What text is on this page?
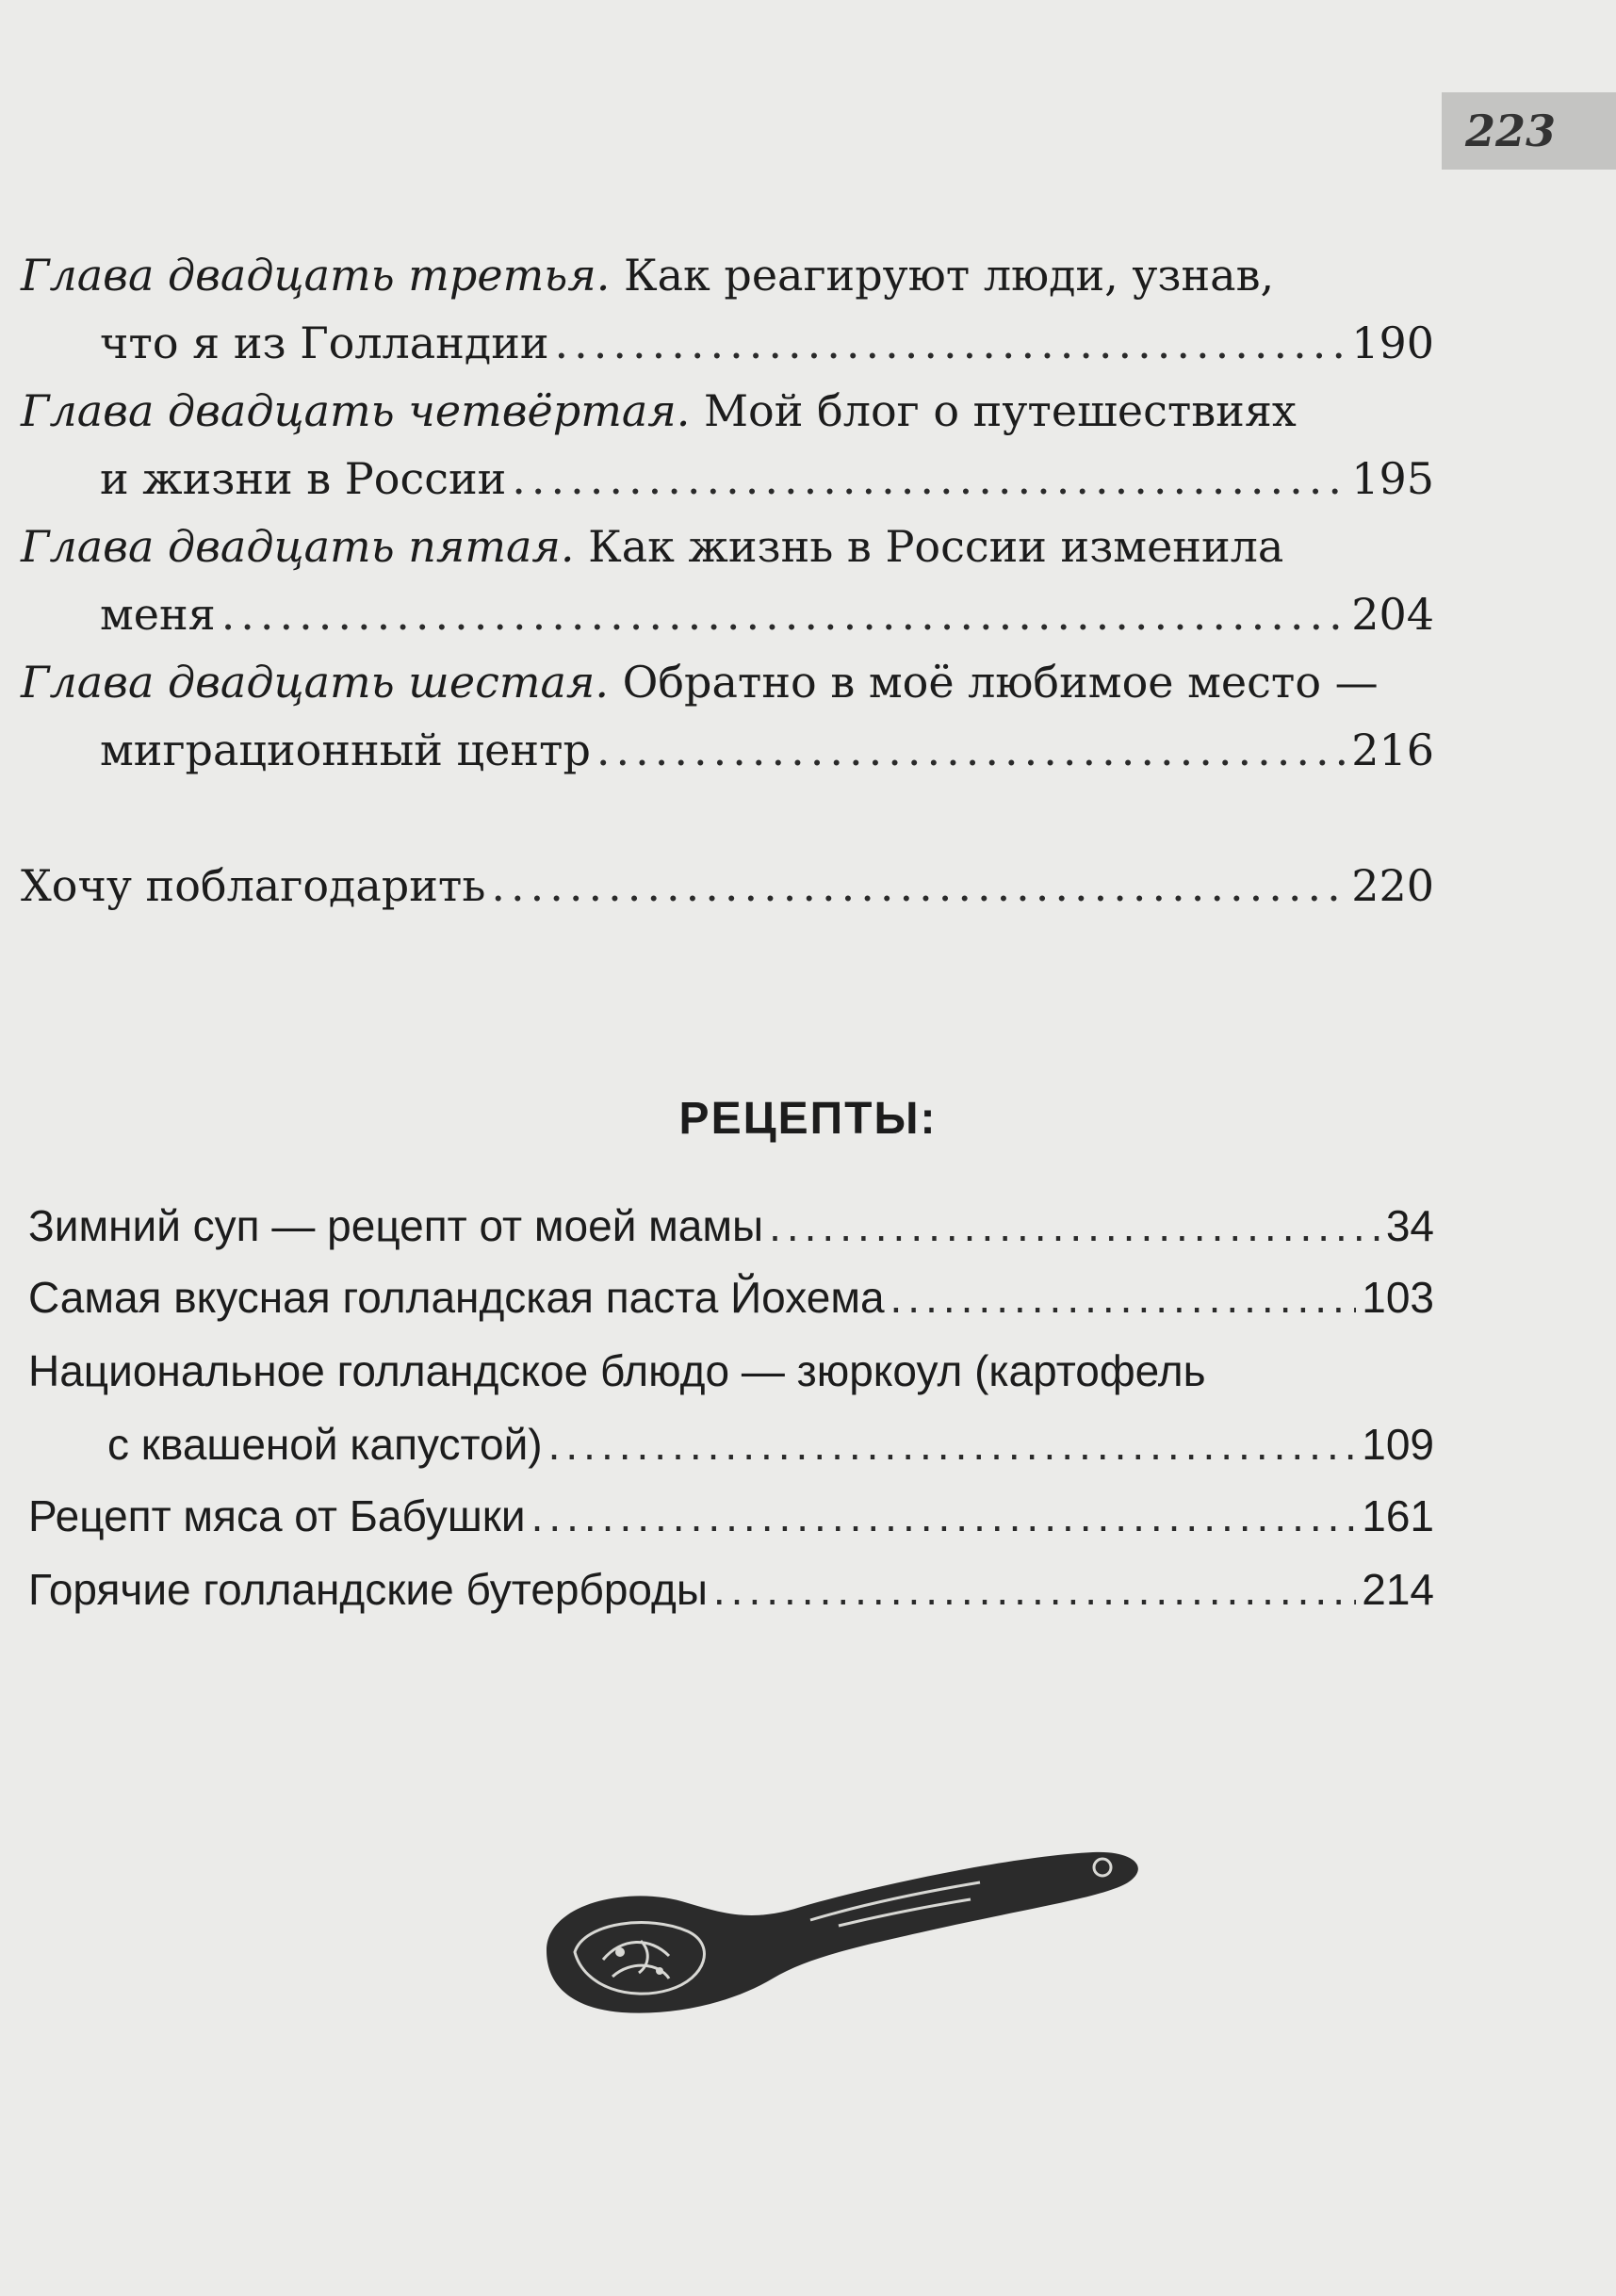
223
Глава двадцать третья. Как реагируют люди, узнав,
что я из Голландии .....	190
Глава двадцать четвёртая. Мой блог о путешествиях
и жизни в России .....	195
Глава двадцать пятая. Как жизнь в России изменила
меня .....	204
Глава двадцать шестая. Обратно в моё любимое место —
миграционный центр .....	216
Хочу поблагодарить .....	220
РЕЦЕПТЫ:
Зимний суп — рецепт от моей мамы .....	34
Самая вкусная голландская паста Йохема .....	103
Национальное голландское блюдо — зюркоул (картофель
с квашеной капустой) .....	109
Рецепт мяса от Бабушки .....	161
Горячие голландские бутерброды .....	214
